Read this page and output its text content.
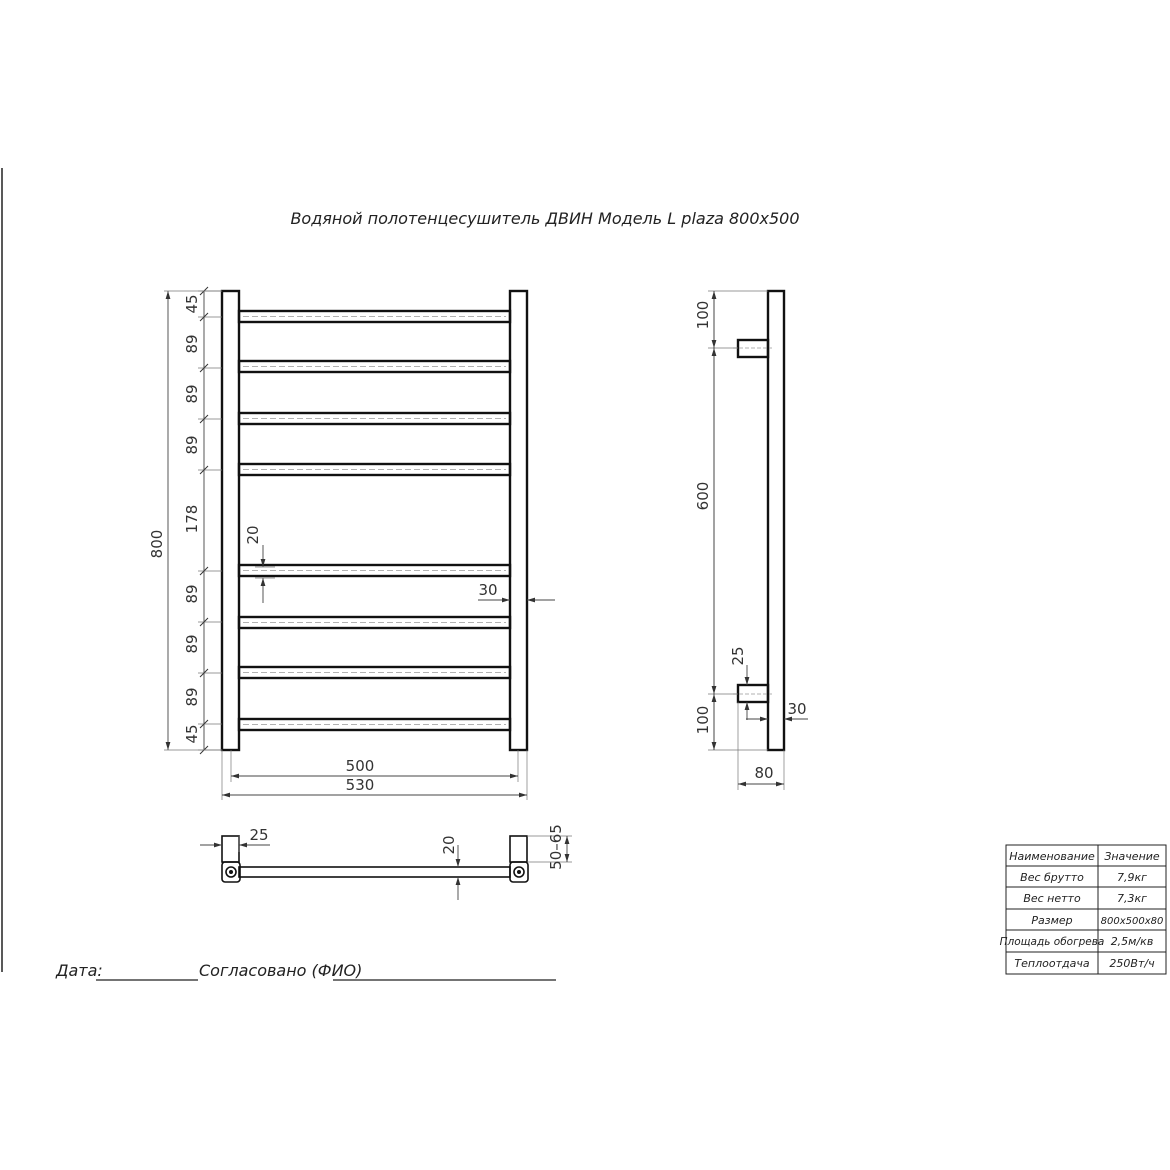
Водяной полотенцесушитель ДВИН Модель L plaza 800х500
45
89
89
89
178
89
89
89
45
800	20
30
500
530
100
600
100
25
30
80
25
20	50–65
Дата:	Согласовано (ФИО)
Наименование Значение
Вес брутто	7,9кг
Вес нетто	7,3кг
Размер	800х500х80
Площадь обогрева 2,5м/кв
Теплоотдача 250Вт/ч
